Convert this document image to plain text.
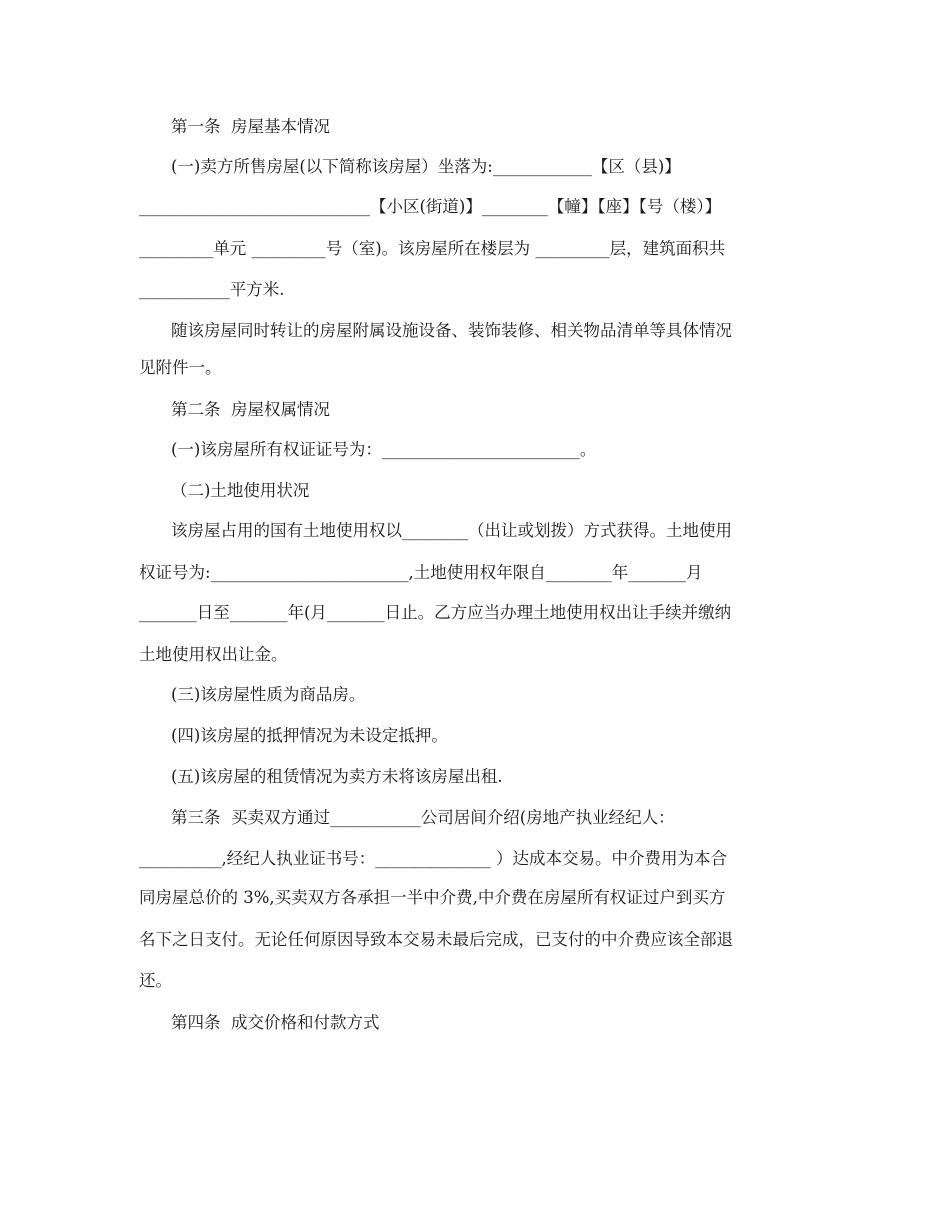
第一条  房屋基本情况
(一)卖方所售房屋(以下简称该房屋）坐落为:____________【区（县)】
____________________________【小区(街道)】________【幢】【座】【号（楼）】
_________单元 _________号（室)。该房屋所在楼层为 _________层，建筑面积共
___________平方米.
随该房屋同时转让的房屋附属设施设备、装饰装修、相关物品清单等具体情况
见附件一。
第二条  房屋权属情况
(一)该房屋所有权证证号为：________________________。
（二)土地使用状况
该房屋占用的国有土地使用权以________（出让或划拨）方式获得。土地使用
权证号为:________________________,土地使用权年限自________年_______月
_______日至_______年(月_______日止。乙方应当办理土地使用权出让手续并缴纳
土地使用权出让金。
(三)该房屋性质为商品房。
(四)该房屋的抵押情况为未设定抵押。
(五)该房屋的租赁情况为卖方未将该房屋出租.
第三条  买卖双方通过___________公司居间介绍(房地产执业经纪人：
__________,经纪人执业证书号：______________ ）达成本交易。中介费用为本合
同房屋总价的 3%,买卖双方各承担一半中介费,中介费在房屋所有权证过户到买方
名下之日支付。无论任何原因导致本交易未最后完成，已支付的中介费应该全部退
还。
第四条  成交价格和付款方式
